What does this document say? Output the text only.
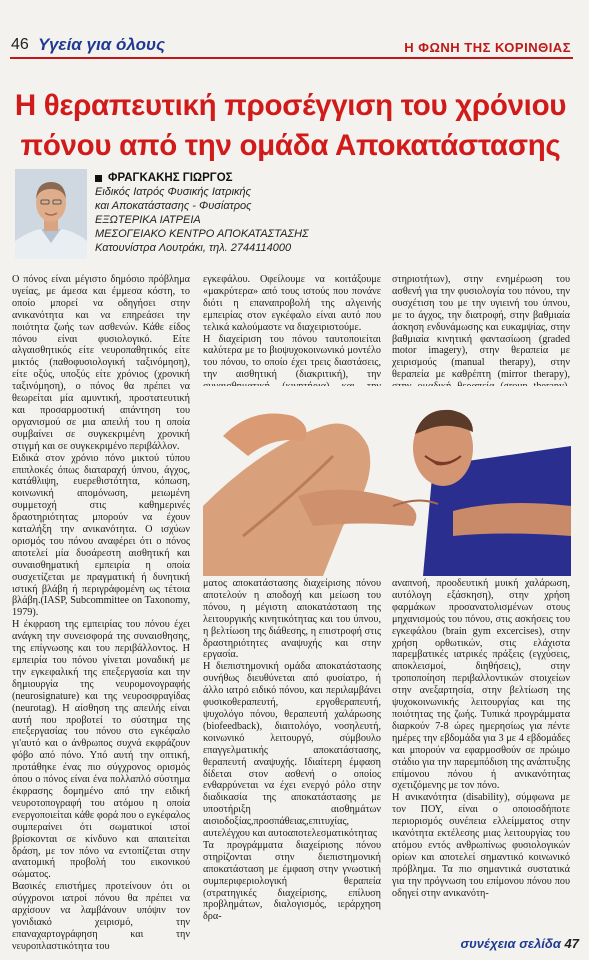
46 Υγεία για όλους	Η ΦΩΝΗ ΤΗΣ ΚΟΡΙΝΘΙΑΣ
Η θεραπευτική προσέγγιση του χρόνιου πόνου από την ομάδα Αποκατάστασης
ΦΡΑΓΚΑΚΗΣ ΓΙΩΡΓΟΣ
Ειδικός Ιατρός Φυσικής Ιατρικής
και Αποκατάστασης - Φυσίατρος
ΕΞΩΤΕΡΙΚΑ ΙΑΤΡΕΙΑ
ΜΕΣΟΓΕΙΑΚΟ ΚΕΝΤΡΟ ΑΠΟΚΑΤΑΣΤΑΣΗΣ
Κατουνίστρα Λουτράκι, τηλ. 2744114000

Ο πόνος είναι μέγιστο δημόσιο πρόβλημα υγείας, με άμεσα και έμμεσα κόστη, το οποίο μπορεί να οδηγήσει στην ανικανότητα και να επηρεάσει την ποιότητα ζωής των ασθενών. Κάθε είδος πόνου είναι φυσιολογικό. Είτε αλγαισθητικός είτε νευροπαθητικός είτε μικτός (παθοφυσιολογική ταξινόμηση), είτε οξύς, υποξύς είτε χρόνιος (χρονική ταξινόμηση), ο πόνος θα πρέπει να θεωρείται μία αμυντική, προστατευτική και προσαρμοστική απάντηση του οργανισμού σε μια απειλή του η οποία συμβαίνει σε συγκεκριμένη χρονική στιγμή και σε συγκεκριμένο περιβάλλον.

Ειδικά στον χρόνιο πόνο μικτού τύπου επιπλοκές όπως διαταραχή ύπνου, άγχος, κατάθλιψη, ευερεθιστότητα, κόπωση, κοινωνική απομόνωση, μειωμένη συμμετοχή στις καθημερινές δραστηριότητας μπορούν να έχουν καταλήξη την ανικανότητα. Ο ισχύων ορισμός του πόνου αναφέρει ότι ο πόνος αποτελεί μία δυσάρεστη αισθητική και συναισθηματική εμπειρία η οποία συσχετίζεται με πραγματική ή δυνητική ιστική βλάβη ή περιγράφομένη ως τέτοια βλάβη.(IASP, Subcommittee on Taxonomy, 1979).

Η έκφραση της εμπειρίας του πόνου έχει ανάγκη την συνεισφορά της συναισθησης, της επίγνωσης και του περιβάλλοντος. Η εμπειρία του πόνου γίνεται μοναδική με την εγκεφαλική της επεξεργασία και την δημιουργία της νευρομονογραφής (neurosignature) και της νευροσφραγίδας (neurotag). Η αίσθηση της απειλής είναι αυτή που προβοτεί το σύστημα της επεξεργασίας του πόνου στο εγκέφαλο γι'αυτό και ο άνθρωπος συχνά εκφράζουν φόβο από πόνο. Υπό αυτή την οπτική, προτάθηκε ένας πιο σύγχρονος ορισμός όπου ο πόνος είναι ένα πολλαπλό σύστημα έκφρασης δομημένο από την ειδική νευροτοπογραφή του ατόμου η οποία ενεργοποιείται κάθε φορά που ο εγκέφαλος συμπεραίνει ότι σωματικοί ιστοί βρίσκονται σε κίνδυνο και απαιτείται δράση, με τον πόνο να εντοπίζεται στην ανατομική προβολή του εικονικού σώματος.

Βασικές επιστήμες προτείνουν ότι οι σύγχρονοι ιατροί πόνου θα πρέπει να αρχίσουν να λαμβάνουν υπόψιν τον γονιδιακό χειρισμό, την επαναχαρτογράφηση και την νευροπλαστικότητα του

εγκεφάλου. Οφείλουμε να κοιτάξουμε «μακρύτερα» από τους ιστούς που πονάνε διότι η επαναπροβολή της αλγεινής εμπειρίας στον εγκέφαλο είναι αυτό που τελικά καλούμαστε να διαχειριστούμε.

Η διαχείριση του πόνου ταυτοποιείται καλύτερα με το βιοψυχοκοινωνικό μοντέλο του πόνου, το οποίο έχει τρεις διαστάσεις, την αισθητική (διακριτική), την

στηριοτήτων), στην ενημέρωση του ασθενή για την φυσιολογία του πόνου, την συσχέτιση του με την υγιεινή του ύπνου, με το άγχος, την διατροφή, στην βαθμιαία άσκηση ενδυνάμωσης και ευκαμψίας, στην βαθμιαία κινητική φαντασίωση (graded motor imagery), στην θεραπεία με χειρισμούς (manual therapy), στην θεραπεία με καθρέπτη (mirror therapy),

ματος αποκατάστασης διαχείρισης πόνου αποτελούν η αποδοχή και μείωση του πόνου, η μέγιστη αποκατάσταση της λειτουργικής κινητικότητας και του ύπνου, η βελτίωση της διάθεσης, η επιστροφή στις δραστηριότητες αναψυχής και στην εργασία.

Η διεπιστημονική ομάδα αποκατάστασης συνήθως διευθύνεται από φυσίατρο, ή άλλο ιατρό ειδικό πόνου, και περιλαμβάνει φυσικοθεραπευτή, εργοθεραπευτή, ψυχολόγο πόνου, θεραπευτή χαλάρωσης (biofeedback), διαιτολόγο, νοσηλευτή, κοινωνικό λειτουργό, σύμβουλο επαγγελματικής αποκατάστασης, θεραπευτή αναψυχής. Ιδιαίτερη έμφαση δίδεται στον ασθενή ο οποίος ενθαρρύνεται να έχει ενεργό ρόλο στην διαδικασία της αποκατάστασης με υποστήριξη αισθημάτων αισιοδοξίας,προσπάθειας,επιτυχίας, αυτελέγχου και αυτοαποτελεσματικότητας

Τα προγράμματα διαχείρισης πόνου στηρίζονται στην διεπιστημονική αποκατάσταση με έμφαση στην γνωστική συμπεριφεριολογική θεραπεία (στρατηγικές διαχείρισης, επίλυση προβλημάτων, διαλογισμός, ιεράρχηση δρα-

αναπνοή, προοδευτική μυική χαλάρωση, αυτόλογη εξάσκηση), στην χρήση φαρμάκων προσανατολισμένων στους μηχανισμούς του πόνου, στις ασκήσεις του εγκεφάλου (brain gym excercises), στην χρήση ορθωτικών, στις ελάχιστα παρεμβατικές ιατρικές πράξεις (εγχύσεις, αποκλεισμοί, διηθήσεις), στην τροποποίηση περιβαλλοντικών στοιχείων στην ανεξαρτησία, στην βελτίωση της ψυχοκοινωνικής λειτουργίας και της ποιότητας της ζωής. Τυπικά προγράμματα διαρκούν 7-8 ώρες ημερησίως για πέντε ημέρες την εβδομάδα για 3 με 4 εβδομάδες και μπορούν να εφαρμοσθούν σε πρώιμο στάδιο για την παρεμπόδιση της ανάπτυξης επίμονου πόνου ή ανικανότητας σχετιζόμενης με τον πόνο.

Η ανικανότητα (disability), σύμφωνα με τον ΠΟΥ, είναι ο οποιοσδήποτε περιορισμός συνέπεια ελλείμματος στην ικανότητα εκτέλεσης μιας λειτουργίας του ατόμου εντός ανθρωπίνως φυσιολογικών ορίων και αποτελεί σημαντικό κοινωνικό πρόβλημα. Τα πιο σημαντικά συστατικά για την πρόγνωση του επίμονου πόνου που οδηγεί στην ανικανότη-

συνέχεια σελίδα 47
